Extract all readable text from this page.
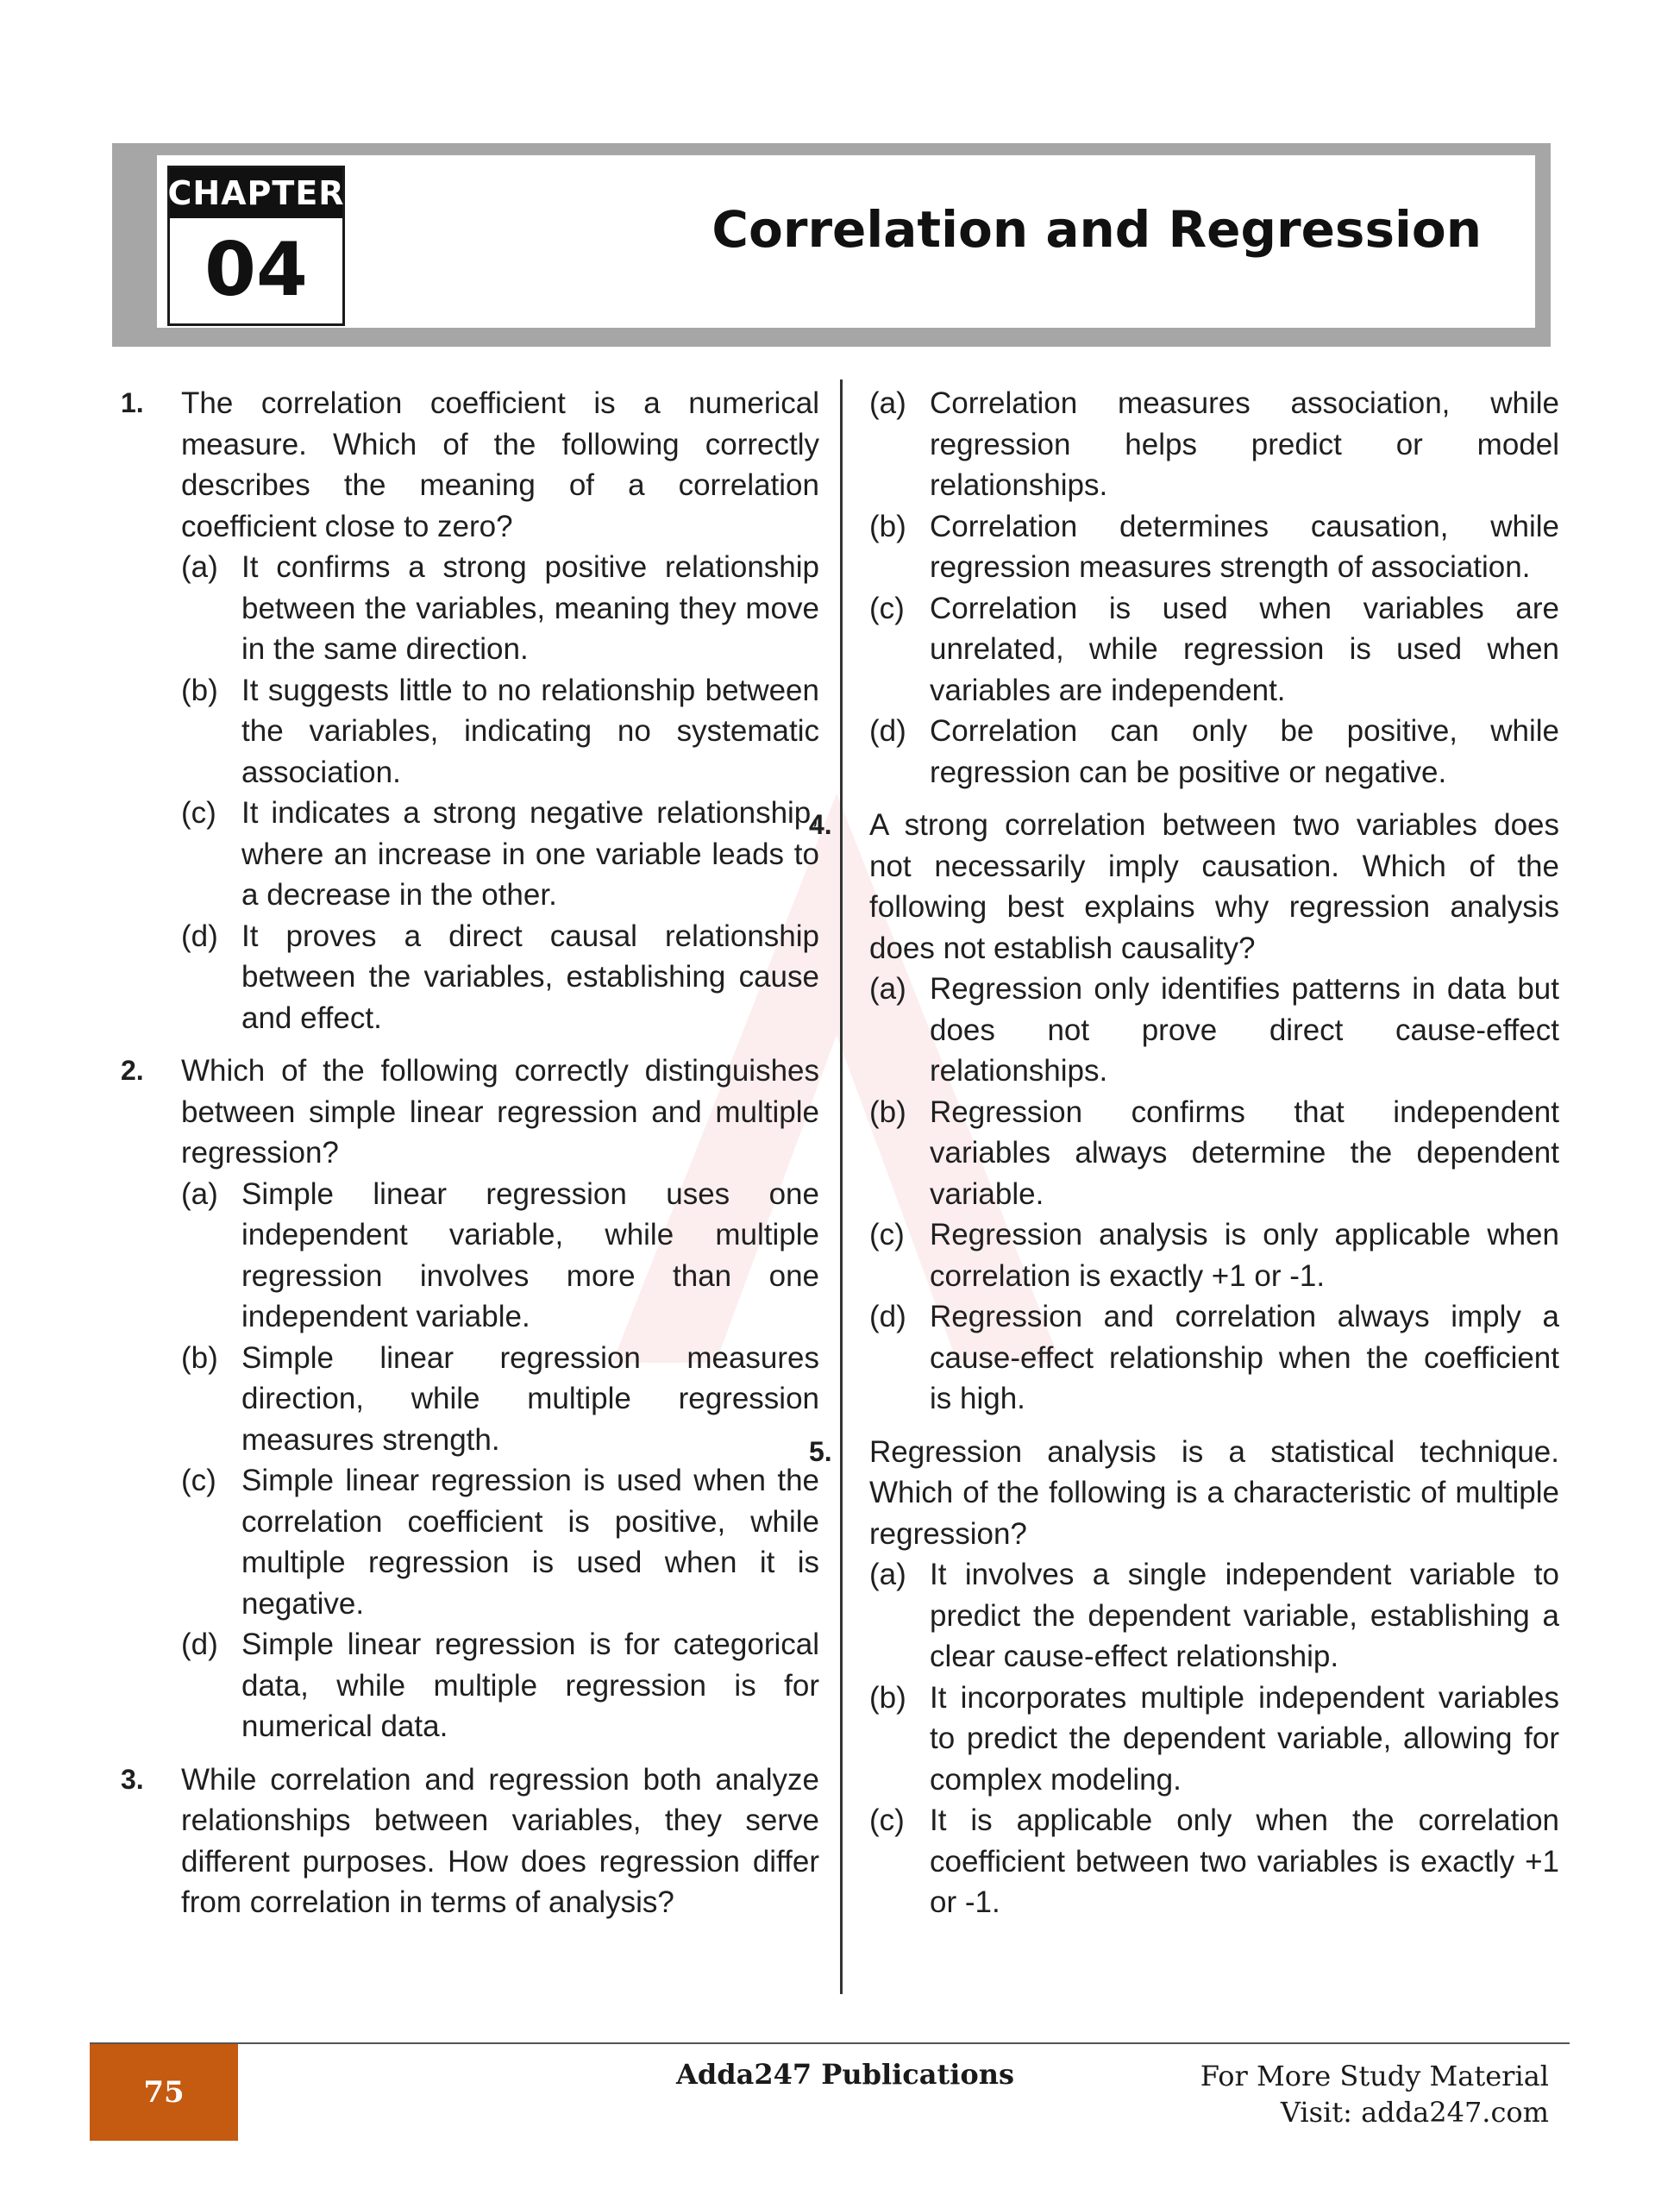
CHAPTER
04	Correlation and Regression
1. The correlation coefficient is a numerical measure. Which of the following correctly describes the meaning of a correlation coefficient close to zero?
(a) It confirms a strong positive relationship between the variables, meaning they move in the same direction.
(b) It suggests little to no relationship between the variables, indicating no systematic association.
(c) It indicates a strong negative relationship, where an increase in one variable leads to a decrease in the other.
(d) It proves a direct causal relationship between the variables, establishing cause and effect.
2. Which of the following correctly distinguishes between simple linear regression and multiple regression?
(a) Simple linear regression uses one independent variable, while multiple regression involves more than one independent variable.
(b) Simple linear regression measures direction, while multiple regression measures strength.
(c) Simple linear regression is used when the correlation coefficient is positive, while multiple regression is used when it is negative.
(d) Simple linear regression is for categorical data, while multiple regression is for numerical data.
3. While correlation and regression both analyze relationships between variables, they serve different purposes. How does regression differ from correlation in terms of analysis?
(a) Correlation measures association, while regression helps predict or model relationships.
(b) Correlation determines causation, while regression measures strength of association.
(c) Correlation is used when variables are unrelated, while regression is used when variables are independent.
(d) Correlation can only be positive, while regression can be positive or negative.
4. A strong correlation between two variables does not necessarily imply causation. Which of the following best explains why regression analysis does not establish causality?
(a) Regression only identifies patterns in data but does not prove direct cause-effect relationships.
(b) Regression confirms that independent variables always determine the dependent variable.
(c) Regression analysis is only applicable when correlation is exactly +1 or -1.
(d) Regression and correlation always imply a cause-effect relationship when the coefficient is high.
5. Regression analysis is a statistical technique. Which of the following is a characteristic of multiple regression?
(a) It involves a single independent variable to predict the dependent variable, establishing a clear cause-effect relationship.
(b) It incorporates multiple independent variables to predict the dependent variable, allowing for complex modeling.
(c) It is applicable only when the correlation coefficient between two variables is exactly +1 or -1.
75
Adda247 Publications	For More Study Material
Visit: adda247.com
